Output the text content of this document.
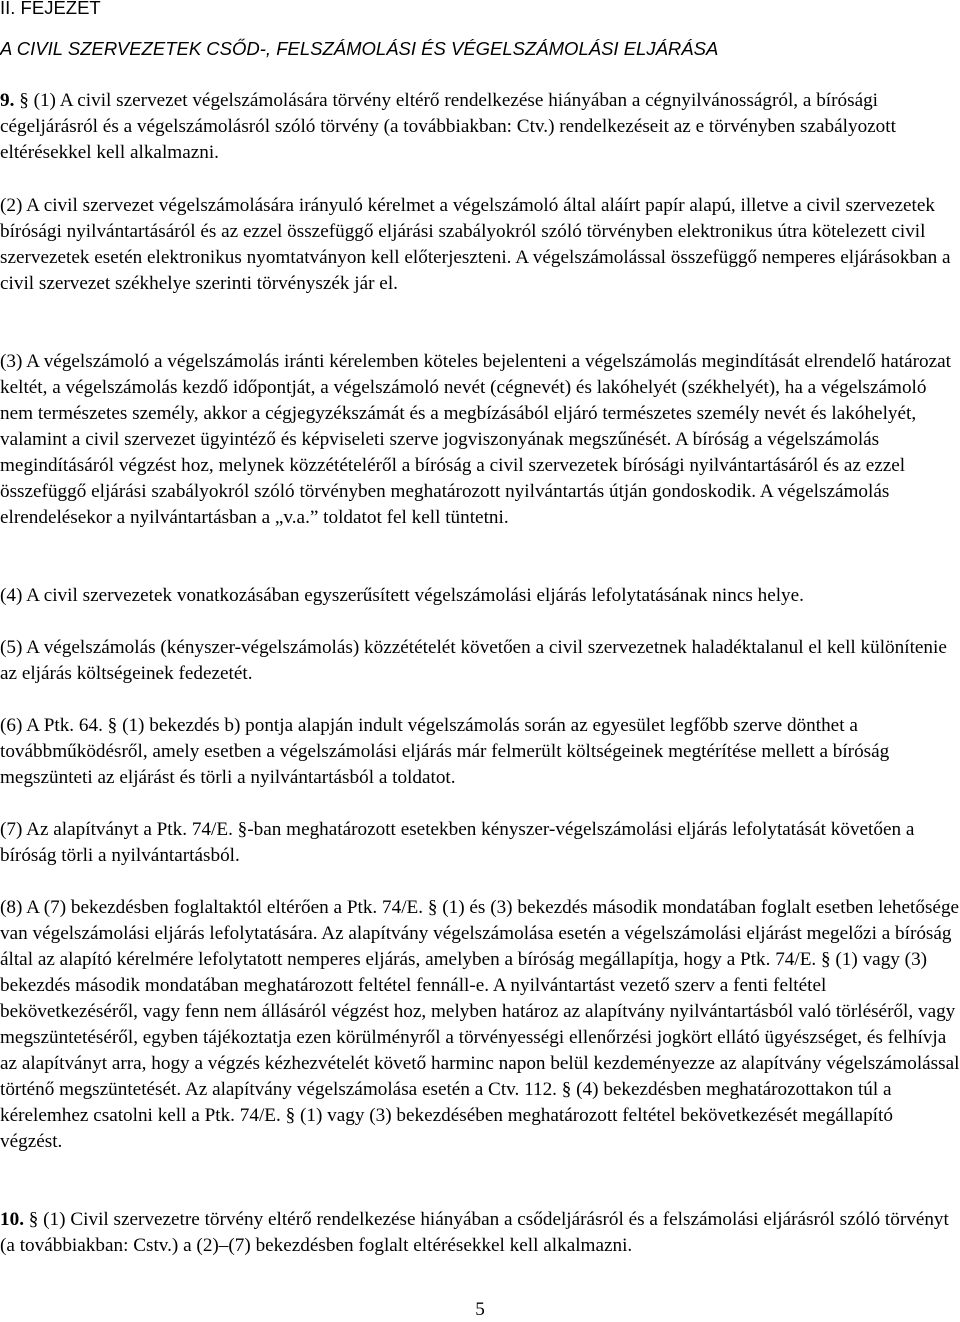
II. FEJEZET

A CIVIL SZERVEZETEK CSŐD-, FELSZÁMOLÁSI ÉS VÉGELSZÁMOLÁSI ELJÁRÁSA

9. § (1) A civil szervezet végelszámolására törvény eltérő rendelkezése hiányában a cégnyilvánosságról, a bírósági cégeljárásról és a végelszámolásról szóló törvény (a továbbiakban: Ctv.) rendelkezéseit az e törvényben szabályozott eltérésekkel kell alkalmazni.

(2) A civil szervezet végelszámolására irányuló kérelmet a végelszámoló által aláírt papír alapú, illetve a civil szervezetek bírósági nyilvántartásáról és az ezzel összefüggő eljárási szabályokról szóló törvényben elektronikus útra kötelezett civil szervezetek esetén elektronikus nyomtatványon kell előterjeszteni. A végelszámolással összefüggő nemperes eljárásokban a civil szervezet székhelye szerinti törvényszék jár el.

(3) A végelszámoló a végelszámolás iránti kérelemben köteles bejelenteni a végelszámolás megindítását elrendelő határozat keltét, a végelszámolás kezdő időpontját, a végelszámoló nevét (cégnevét) és lakóhelyét (székhelyét), ha a végelszámoló nem természetes személy, akkor a cégjegyzékszámát és a megbízásából eljáró természetes személy nevét és lakóhelyét, valamint a civil szervezet ügyintéző és képviseleti szerve jogviszonyának megszűnését. A bíróság a végelszámolás megindításáról végzést hoz, melynek közzétételéről a bíróság a civil szervezetek bírósági nyilvántartásáról és az ezzel összefüggő eljárási szabályokról szóló törvényben meghatározott nyilvántartás útján gondoskodik. A végelszámolás elrendelésekor a nyilvántartásban a „v.a.” toldatot fel kell tüntetni.

(4) A civil szervezetek vonatkozásában egyszerűsített végelszámolási eljárás lefolytatásának nincs helye.

(5) A végelszámolás (kényszer-végelszámolás) közzétételét követően a civil szervezetnek haladéktalanul el kell különítenie az eljárás költségeinek fedezetét.

(6) A Ptk. 64. § (1) bekezdés b) pontja alapján indult végelszámolás során az egyesület legfőbb szerve dönthet a továbbműködésről, amely esetben a végelszámolási eljárás már felmerült költségeinek megtérítése mellett a bíróság megszünteti az eljárást és törli a nyilvántartásból a toldatot.

(7) Az alapítványt a Ptk. 74/E. §-ban meghatározott esetekben kényszer-végelszámolási eljárás lefolytatását követően a bíróság törli a nyilvántartásból.

(8) A (7) bekezdésben foglaltaktól eltérően a Ptk. 74/E. § (1) és (3) bekezdés második mondatában foglalt esetben lehetősége van végelszámolási eljárás lefolytatására. Az alapítvány végelszámolása esetén a végelszámolási eljárást megelőzi a bíróság által az alapító kérelmére lefolytatott nemperes eljárás, amelyben a bíróság megállapítja, hogy a Ptk. 74/E. § (1) vagy (3) bekezdés második mondatában meghatározott feltétel fennáll-e. A nyilvántartást vezető szerv a fenti feltétel bekövetkezéséről, vagy fenn nem állásáról végzést hoz, melyben határoz az alapítvány nyilvántartásból való törléséről, vagy megszüntetéséről, egyben tájékoztatja ezen körülményről a törvényességi ellenőrzési jogkört ellátó ügyészséget, és felhívja az alapítványt arra, hogy a végzés kézhezvételét követő harminc napon belül kezdeményezze az alapítvány végelszámolással történő megszüntetését. Az alapítvány végelszámolása esetén a Ctv. 112. § (4) bekezdésben meghatározottakon túl a kérelemhez csatolni kell a Ptk. 74/E. § (1) vagy (3) bekezdésében meghatározott feltétel bekövetkezését megállapító végzést.

10. § (1) Civil szervezetre törvény eltérő rendelkezése hiányában a csődeljárásról és a felszámolási eljárásról szóló törvényt (a továbbiakban: Cstv.) a (2)–(7) bekezdésben foglalt eltérésekkel kell alkalmazni.

5
